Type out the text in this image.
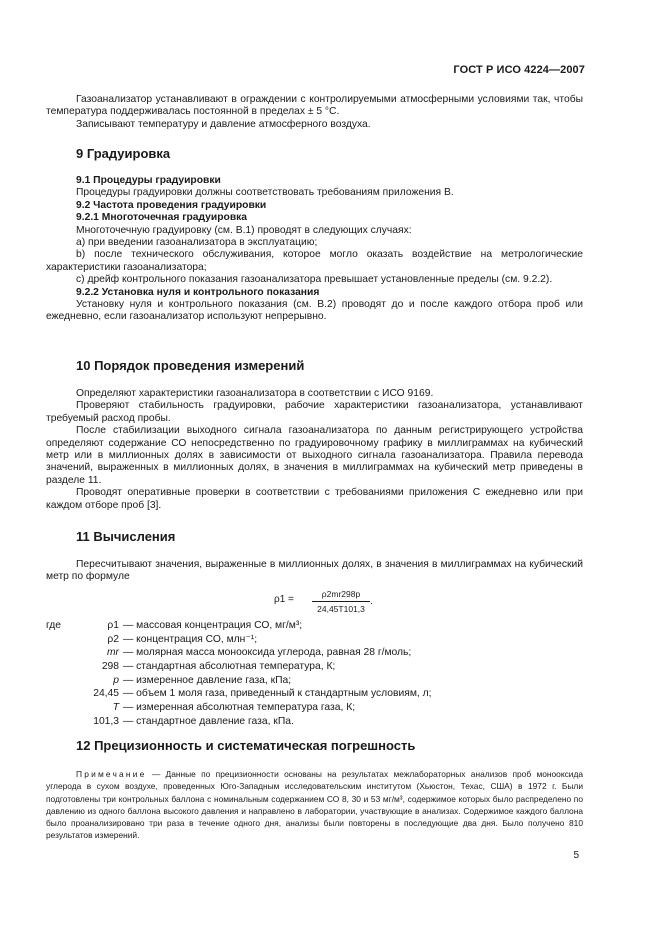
ГОСТ Р ИСО 4224—2007

Газоанализатор устанавливают в ограждении с контролируемыми атмосферными условиями так, чтобы температура поддерживалась постоянной в пределах ± 5 °С.

Записывают температуру и давление атмосферного воздуха.

9 Градуировка
9.1 Процедуры градуировки

Процедуры градуировки должны соответствовать требованиям приложения В.

9.2 Частота проведения градуировки
9.2.1 Многоточечная градуировка

Многоточечную градуировку (см. В.1) проводят в следующих случаях:

a) при введении газоанализатора в эксплуатацию;

b) после технического обслуживания, которое могло оказать воздействие на метрологические характеристики газоанализатора;

c) дрейф контрольного показания газоанализатора превышает установленные пределы (см. 9.2.2).

9.2.2 Установка нуля и контрольного показания

Установку нуля и контрольного показания (см. В.2) проводят до и после каждого отбора проб или ежедневно, если газоанализатор используют непрерывно.

10 Порядок проведения измерений

Определяют характеристики газоанализатора в соответствии с ИСО 9169.

Проверяют стабильность градуировки, рабочие характеристики газоанализатора, устанавливают требуемый расход пробы.

После стабилизации выходного сигнала газоанализатора по данным регистрирующего устройства определяют содержание СО непосредственно по градуировочному графику в миллиграммах на кубический метр или в миллионных долях в зависимости от выходного сигнала газоанализатора. Правила перевода значений, выраженных в миллионных долях, в значения в миллиграммах на кубический метр приведены в разделе 11.

Проводят оперативные проверки в соответствии с требованиями приложения С ежедневно или при каждом отборе проб [3].

11 Вычисления

Пересчитывают значения, выраженные в миллионных долях, в значения в миллиграммах на кубический метр по формуле

$\rho 1 = \frac{\rho 2mr298p}{24,45T101,3}$ .
где	ρ1 — массовая концентрация СО, мг/м³;
ρ2 — концентрация СО, млн⁻¹;
mr — молярная масса монооксида углерода, равная 28 г/моль;
298 — стандартная абсолютная температура, К;
p — измеренное давление газа, кПа;
24,45 — объем 1 моля газа, приведенный к стандартным условиям, л;
T — измеренная абсолютная температура газа, К;
101,3 — стандартное давление газа, кПа.
12 Прецизионность и систематическая погрешность
Примечание — Данные по прецизионности основаны на результатах межлабораторных анализов проб монооксида углерода в сухом воздухе, проведенных Юго-Западным исследовательским институтом (Хьюстон, Техас, США) в 1972 г. Были подготовлены три контрольных баллона с номинальным содержанием СО 8, 30 и 53 мг/м³, содержимое которых было распределено по давлению из одного баллона высокого давления и направлено в лаборатории, участвующие в анализах. Содержимое каждого баллона было проанализировано три раза в течение одного дня, анализы были повторены в последующие два дня. Было получено 810 результатов измерений.
5
